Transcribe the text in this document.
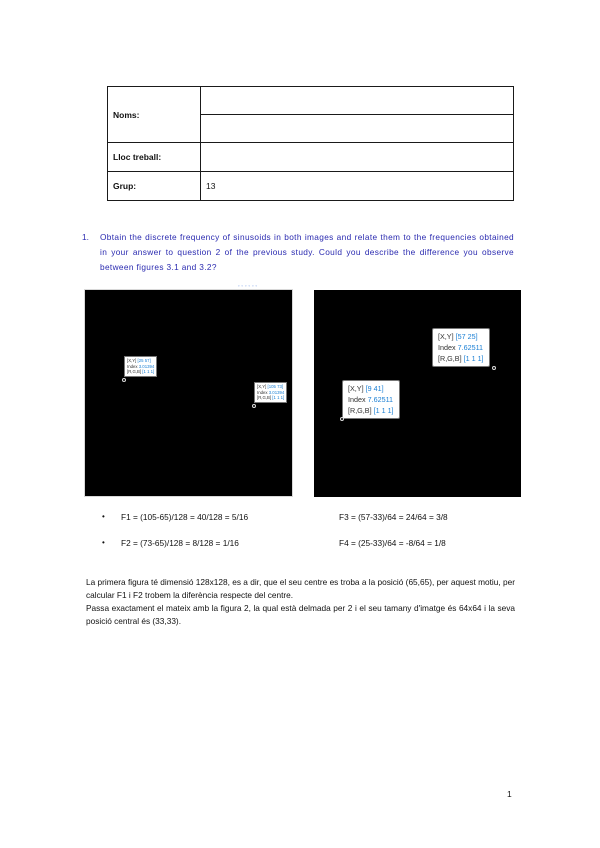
Noms:	

Lloc treball:	
Grup:	13
1. Obtain the discrete frequency of sinusoids in both images and relate them to the frequencies obtained in your answer to question 2 of the previous study. Could you describe the difference you observe between figures 3.1 and 3.2?
▫ ▫ ▫ ▫ ▫ ▫
[X,Y] [25 57]
Index 3.01394
[R,G,B] [1 1 1]
[X,Y] [105 73]
Index 3.01394
[R,G,B] [1 1 1]
[X,Y] [57 25]
Index 7.62511
[R,G,B] [1 1 1]
[X,Y] [9 41]
Index 7.62511
[R,G,B] [1 1 1]
• F1 = (105-65)/128 = 40/128 = 5/16	F3 = (57-33)/64 = 24/64 = 3/8
• F2 = (73-65)/128 = 8/128 = 1/16	F4 = (25-33)/64 = -8/64 = 1/8

La primera figura té dimensió 128x128, es a dir, que el seu centre es troba a la posició (65,65), per aquest motiu, per calcular F1 i F2 trobem la diferència respecte del centre.

Passa exactament el mateix amb la figura 2, la qual està delmada per 2 i el seu tamany d'imatge és 64x64 i la seva posició central és (33,33).

1
